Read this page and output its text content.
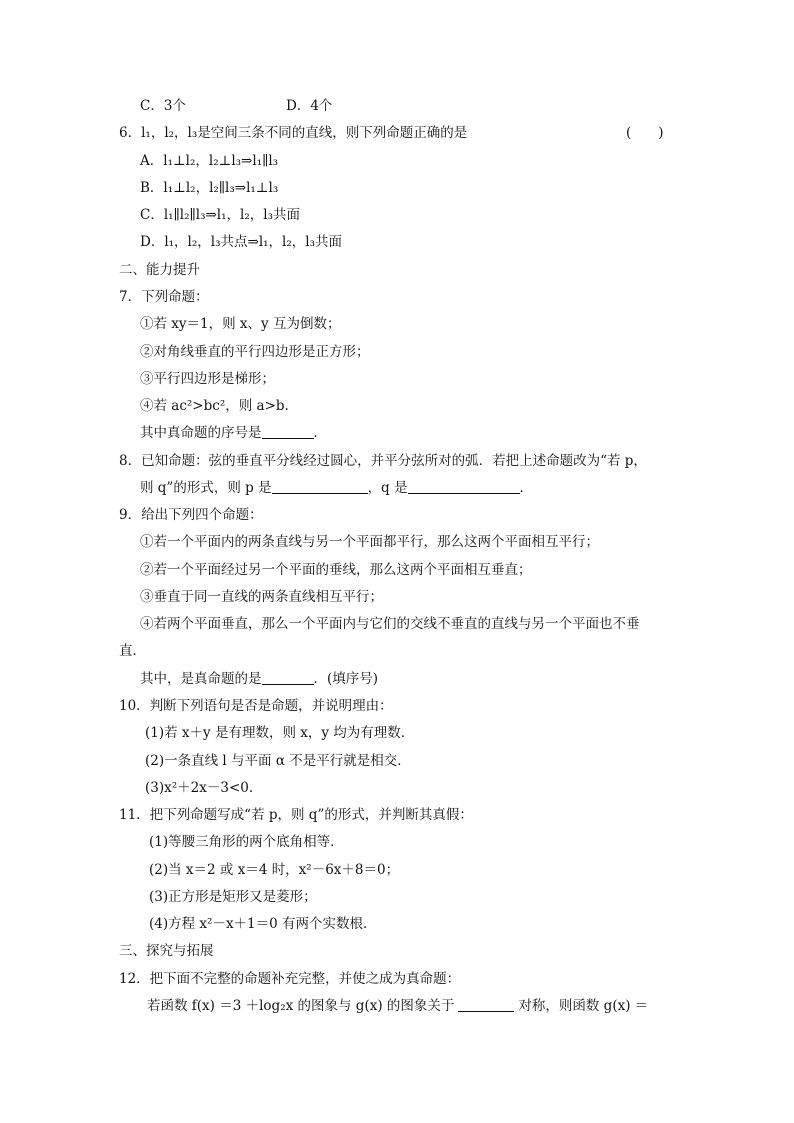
C．3个	D．4个
6．l₁，l₂，l₃是空间三条不同的直线，则下列命题正确的是	(　　)
A．l₁⊥l₂，l₂⊥l₃⇒l₁∥l₃
B．l₁⊥l₂，l₂∥l₃⇒l₁⊥l₃
C．l₁∥l₂∥l₃⇒l₁，l₂，l₃共面
D．l₁，l₂，l₃共点⇒l₁，l₂，l₃共面
二、能力提升
7．下列命题：
①若 xy＝1，则 x、y 互为倒数；
②对角线垂直的平行四边形是正方形；
③平行四边形是梯形；
④若 ac²>bc²，则 a>b.
其中真命题的序号是	．
8．已知命题：弦的垂直平分线经过圆心，并平分弦所对的弧．若把上述命题改为“若 p，
则 q”的形式，则 p 是	，q 是	．
9．给出下列四个命题：
①若一个平面内的两条直线与另一个平面都平行，那么这两个平面相互平行；
②若一个平面经过另一个平面的垂线，那么这两个平面相互垂直；
③垂直于同一直线的两条直线相互平行；
④若两个平面垂直，那么一个平面内与它们的交线不垂直的直线与另一个平面也不垂
直．
其中，是真命题的是	．(填序号)
10．判断下列语句是否是命题，并说明理由：
(1)若 x＋y 是有理数，则 x，y 均为有理数．
(2)一条直线 l 与平面 α 不是平行就是相交．
(3)x²＋2x－3<0.
11．把下列命题写成“若 p，则 q”的形式，并判断其真假：
(1)等腰三角形的两个底角相等．
(2)当 x＝2 或 x＝4 时，x²－6x＋8＝0；
(3)正方形是矩形又是菱形；
(4)方程 x²－x＋1＝0 有两个实数根．
三、探究与拓展
12．把下面不完整的命题补充完整，并使之成为真命题：
若函数 f(x) ＝3 ＋log₂x 的图象与 g(x) 的图象关于	对称，则函数 g(x) ＝
